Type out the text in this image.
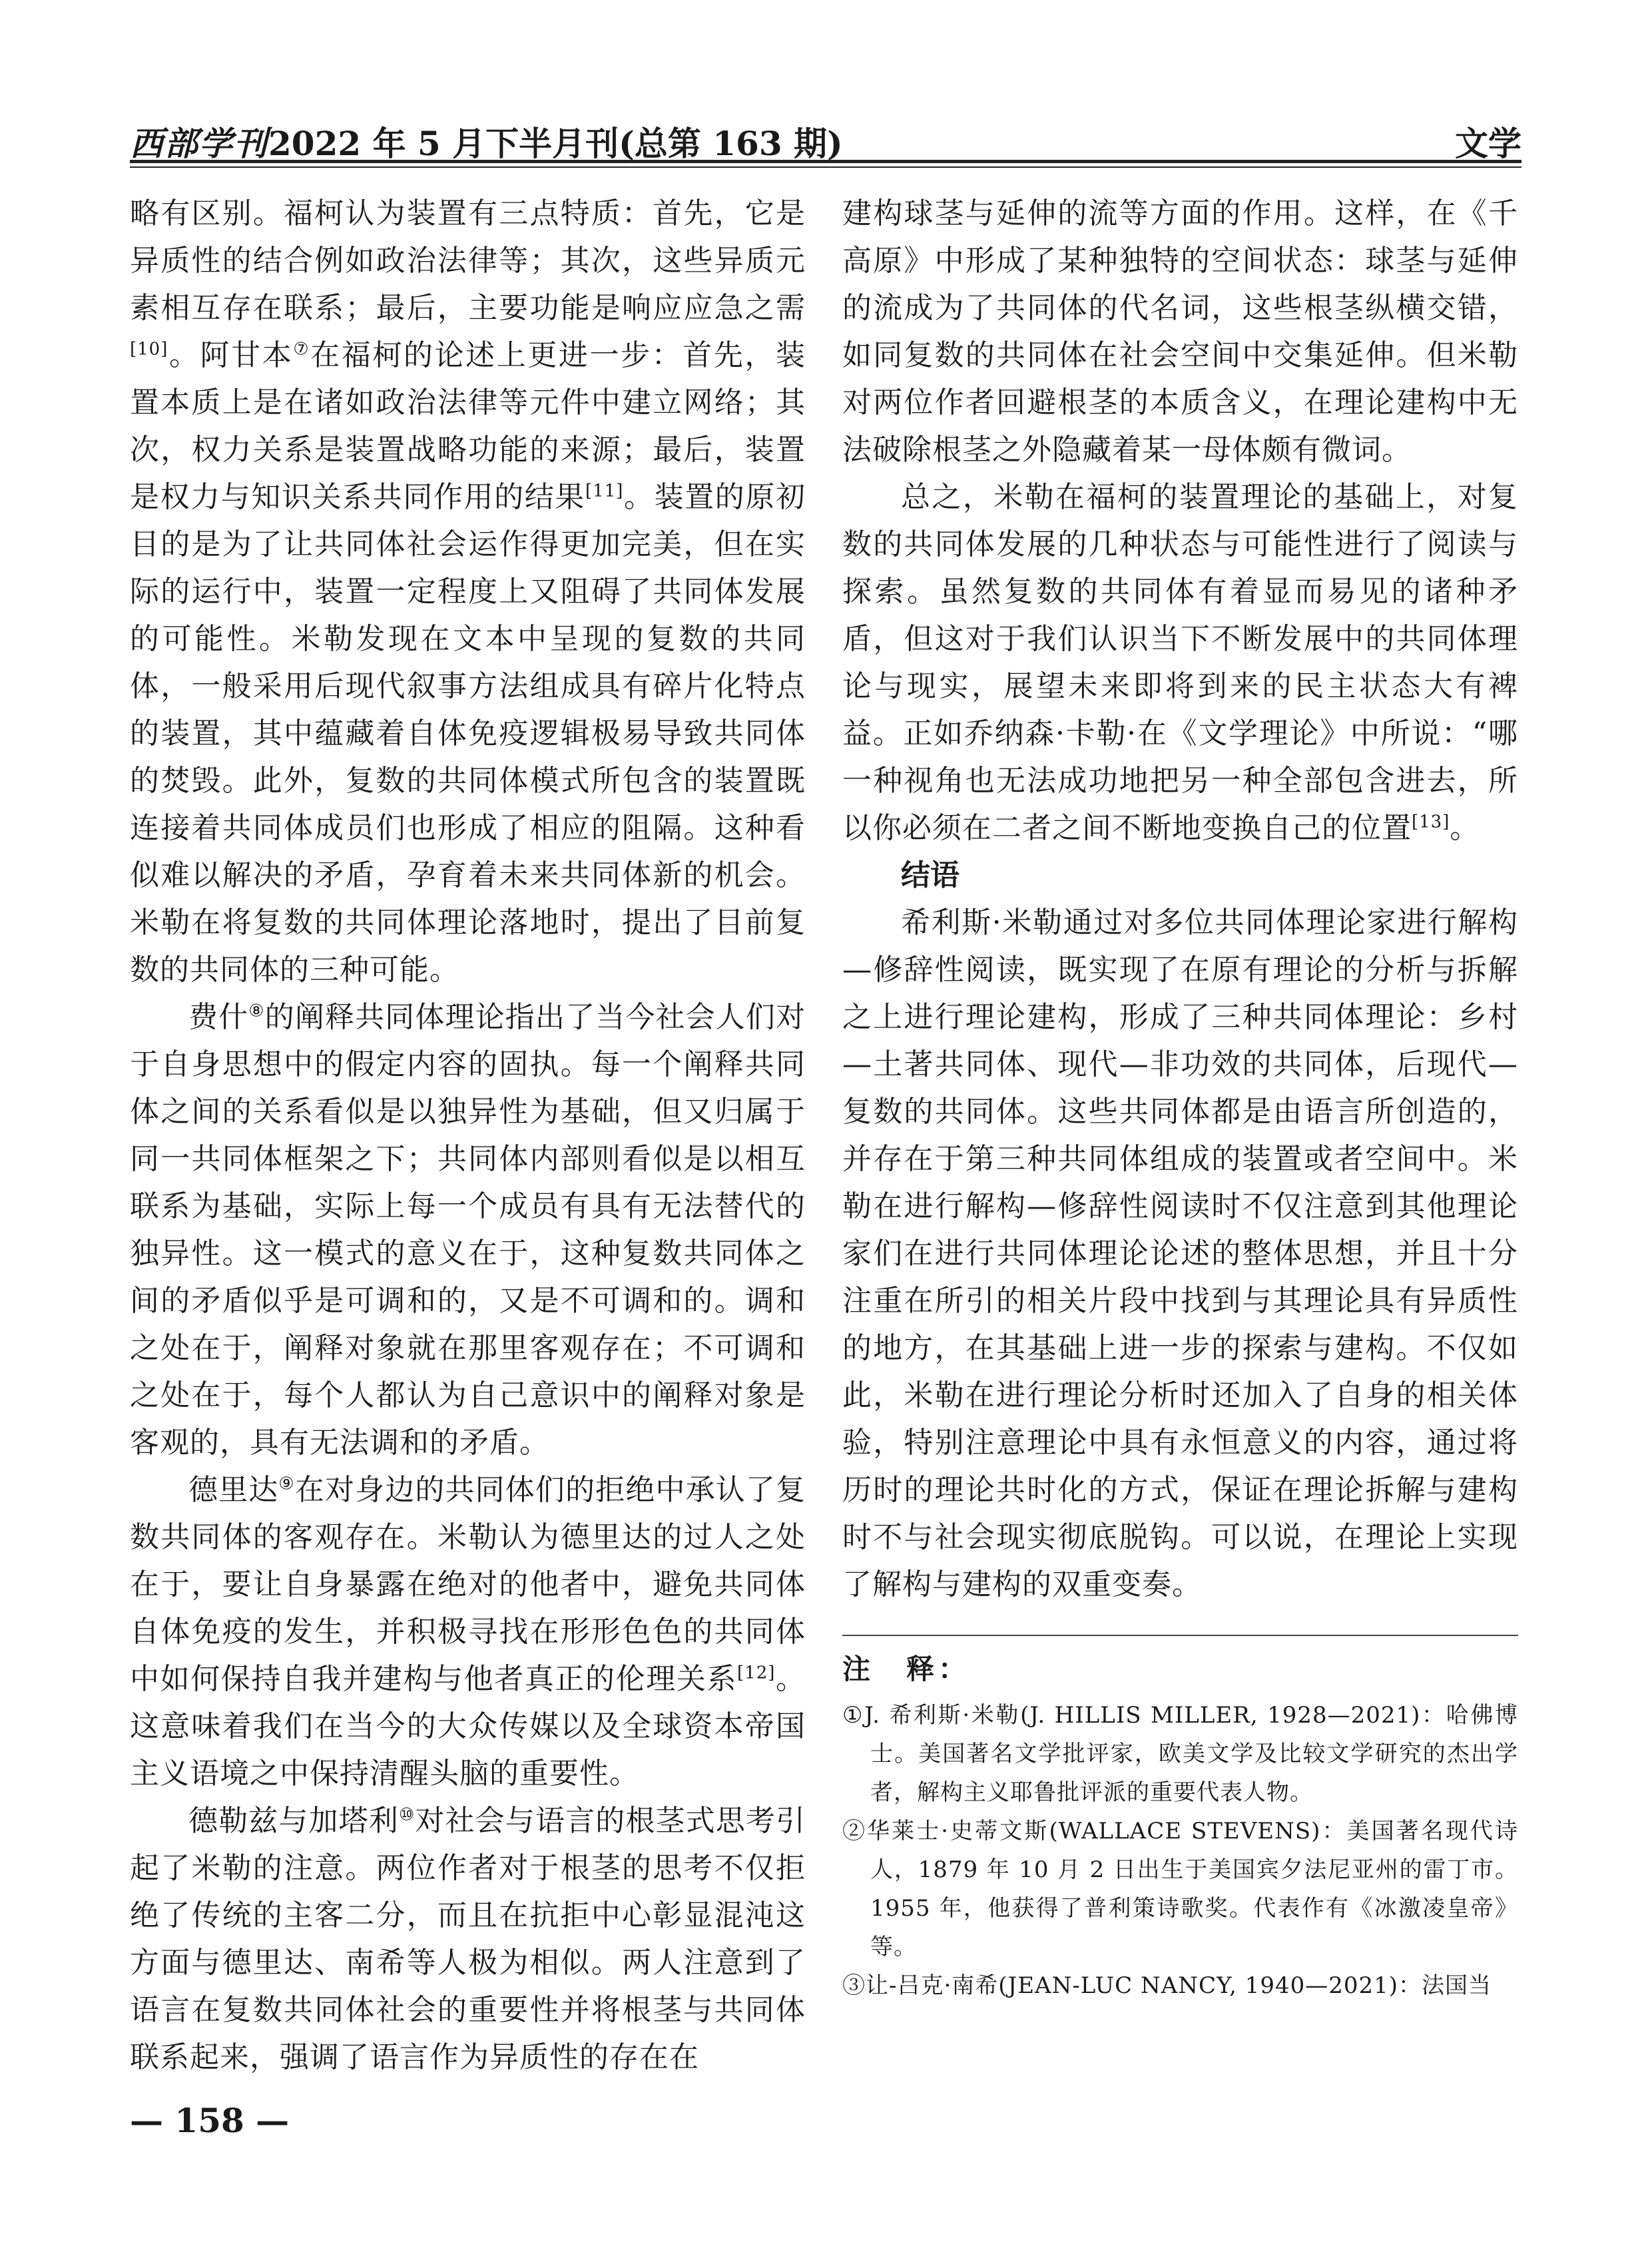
西部学刊2022 年 5 月下半月刊(总第 163 期)	文学

略有区别。福柯认为装置有三点特质：首先，它是异质性的结合例如政治法律等；其次，这些异质元素相互存在联系；最后，主要功能是响应应急之需[10]。阿甘本⑦在福柯的论述上更进一步：首先，装置本质上是在诸如政治法律等元件中建立网络；其次，权力关系是装置战略功能的来源；最后，装置是权力与知识关系共同作用的结果[11]。装置的原初目的是为了让共同体社会运作得更加完美，但在实际的运行中，装置一定程度上又阻碍了共同体发展的可能性。米勒发现在文本中呈现的复数的共同体，一般采用后现代叙事方法组成具有碎片化特点的装置，其中蕴藏着自体免疫逻辑极易导致共同体的焚毁。此外，复数的共同体模式所包含的装置既连接着共同体成员们也形成了相应的阻隔。这种看似难以解决的矛盾，孕育着未来共同体新的机会。米勒在将复数的共同体理论落地时，提出了目前复数的共同体的三种可能。

费什⑧的阐释共同体理论指出了当今社会人们对于自身思想中的假定内容的固执。每一个阐释共同体之间的关系看似是以独异性为基础，但又归属于同一共同体框架之下；共同体内部则看似是以相互联系为基础，实际上每一个成员有具有无法替代的独异性。这一模式的意义在于，这种复数共同体之间的矛盾似乎是可调和的，又是不可调和的。调和之处在于，阐释对象就在那里客观存在；不可调和之处在于，每个人都认为自己意识中的阐释对象是客观的，具有无法调和的矛盾。

德里达⑨在对身边的共同体们的拒绝中承认了复数共同体的客观存在。米勒认为德里达的过人之处在于，要让自身暴露在绝对的他者中，避免共同体自体免疫的发生，并积极寻找在形形色色的共同体中如何保持自我并建构与他者真正的伦理关系[12]。这意味着我们在当今的大众传媒以及全球资本帝国主义语境之中保持清醒头脑的重要性。

德勒兹与加塔利⑩对社会与语言的根茎式思考引起了米勒的注意。两位作者对于根茎的思考不仅拒绝了传统的主客二分，而且在抗拒中心彰显混沌这方面与德里达、南希等人极为相似。两人注意到了语言在复数共同体社会的重要性并将根茎与共同体联系起来，强调了语言作为异质性的存在在

建构球茎与延伸的流等方面的作用。这样，在《千高原》中形成了某种独特的空间状态：球茎与延伸的流成为了共同体的代名词，这些根茎纵横交错，如同复数的共同体在社会空间中交集延伸。但米勒对两位作者回避根茎的本质含义，在理论建构中无法破除根茎之外隐藏着某一母体颇有微词。

总之，米勒在福柯的装置理论的基础上，对复数的共同体发展的几种状态与可能性进行了阅读与探索。虽然复数的共同体有着显而易见的诸种矛盾，但这对于我们认识当下不断发展中的共同体理论与现实，展望未来即将到来的民主状态大有裨益。正如乔纳森·卡勒·在《文学理论》中所说：“哪一种视角也无法成功地把另一种全部包含进去，所以你必须在二者之间不断地变换自己的位置[13]。

结语

希利斯·米勒通过对多位共同体理论家进行解构—修辞性阅读，既实现了在原有理论的分析与拆解之上进行理论建构，形成了三种共同体理论：乡村—土著共同体、现代—非功效的共同体，后现代—复数的共同体。这些共同体都是由语言所创造的，并存在于第三种共同体组成的装置或者空间中。米勒在进行解构—修辞性阅读时不仅注意到其他理论家们在进行共同体理论论述的整体思想，并且十分注重在所引的相关片段中找到与其理论具有异质性的地方，在其基础上进一步的探索与建构。不仅如此，米勒在进行理论分析时还加入了自身的相关体验，特别注意理论中具有永恒意义的内容，通过将历时的理论共时化的方式，保证在理论拆解与建构时不与社会现实彻底脱钩。可以说，在理论上实现了解构与建构的双重变奏。

注　释：

①J. 希利斯·米勒(J. HILLIS MILLER, 1928—2021)：哈佛博士。美国著名文学批评家，欧美文学及比较文学研究的杰出学者，解构主义耶鲁批评派的重要代表人物。

②华莱士·史蒂文斯(WALLACE STEVENS)：美国著名现代诗人，1879 年 10 月 2 日出生于美国宾夕法尼亚州的雷丁市。1955 年，他获得了普利策诗歌奖。代表作有《冰激凌皇帝》等。

③让-吕克·南希(JEAN-LUC NANCY, 1940—2021)：法国当

— 158 —
